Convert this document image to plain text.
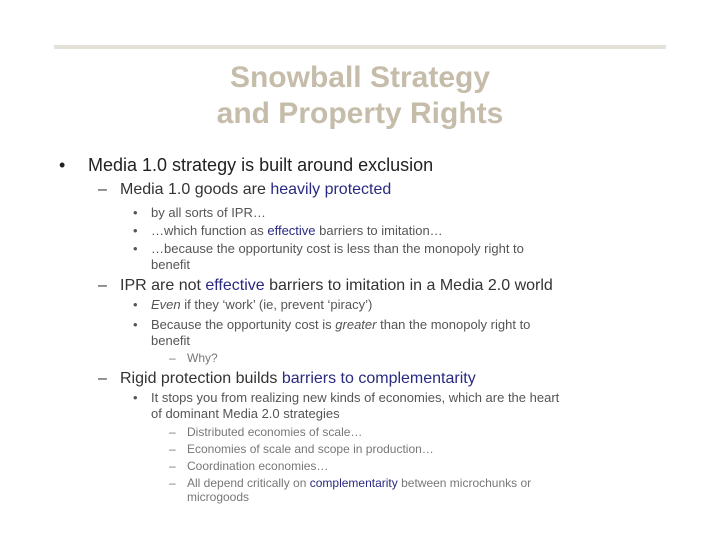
Snowball Strategy
and Property Rights
• Media 1.0 strategy is built around exclusion
– Media 1.0 goods are heavily protected
• by all sorts of IPR…
• …which function as effective barriers to imitation…
• …because the opportunity cost is less than the monopoly right to
benefit
– IPR are not effective barriers to imitation in a Media 2.0 world
• Even if they ‘work’ (ie, prevent ‘piracy’)
• Because the opportunity cost is greater than the monopoly right to
benefit
– Why?
– Rigid protection builds barriers to complementarity
• It stops you from realizing new kinds of economies, which are the heart
of dominant Media 2.0 strategies
– Distributed economies of scale…
– Economies of scale and scope in production…
– Coordination economies…
– All depend critically on complementarity between microchunks or
microgoods
